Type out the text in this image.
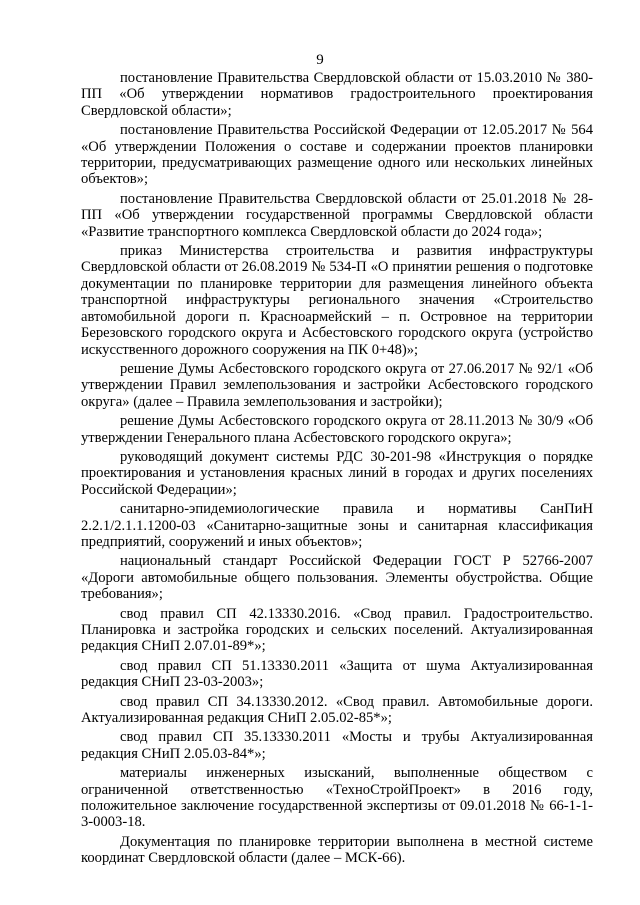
9

постановление Правительства Свердловской области от 15.03.2010 № 380-ПП «Об утверждении нормативов градостроительного проектирования Свердловской области»;

постановление Правительства Российской Федерации от 12.05.2017 № 564 «Об утверждении Положения о составе и содержании проектов планировки территории, предусматривающих размещение одного или нескольких линейных объектов»;

постановление Правительства Свердловской области от 25.01.2018 № 28-ПП «Об утверждении государственной программы Свердловской области «Развитие транспортного комплекса Свердловской области до 2024 года»;

приказ Министерства строительства и развития инфраструктуры Свердловской области от 26.08.2019 № 534-П «О принятии решения о подготовке документации по планировке территории для размещения линейного объекта транспортной инфраструктуры регионального значения «Строительство автомобильной дороги п. Красноармейский – п. Островное на территории Березовского городского округа и Асбестовского городского округа (устройство искусственного дорожного сооружения на ПК 0+48)»;

решение Думы Асбестовского городского округа от 27.06.2017 № 92/1 «Об утверждении Правил землепользования и застройки Асбестовского городского округа» (далее – Правила землепользования и застройки);

решение Думы Асбестовского городского округа от 28.11.2013 № 30/9 «Об утверждении Генерального плана Асбестовского городского округа»;

руководящий документ системы РДС 30-201-98 «Инструкция о порядке проектирования и установления красных линий в городах и других поселениях Российской Федерации»;

санитарно-эпидемиологические правила и нормативы СанПиН 2.2.1/2.1.1.1200-03 «Санитарно-защитные зоны и санитарная классификация предприятий, сооружений и иных объектов»;

национальный стандарт Российской Федерации ГОСТ Р 52766-2007 «Дороги автомобильные общего пользования. Элементы обустройства. Общие требования»;

свод правил СП 42.13330.2016. «Свод правил. Градостроительство. Планировка и застройка городских и сельских поселений. Актуализированная редакция СНиП 2.07.01-89*»;

свод правил СП 51.13330.2011 «Защита от шума Актуализированная редакция СНиП 23-03-2003»;

свод правил СП 34.13330.2012. «Свод правил. Автомобильные дороги. Актуализированная редакция СНиП 2.05.02-85*»;

свод правил СП 35.13330.2011 «Мосты и трубы Актуализированная редакция СНиП 2.05.03-84*»;

материалы инженерных изысканий, выполненные обществом с ограниченной ответственностью «ТехноСтройПроект» в 2016 году, положительное заключение государственной экспертизы от 09.01.2018 № 66-1-1-3-0003-18.

Документация по планировке территории выполнена в местной системе координат Свердловской области (далее – МСК-66).
